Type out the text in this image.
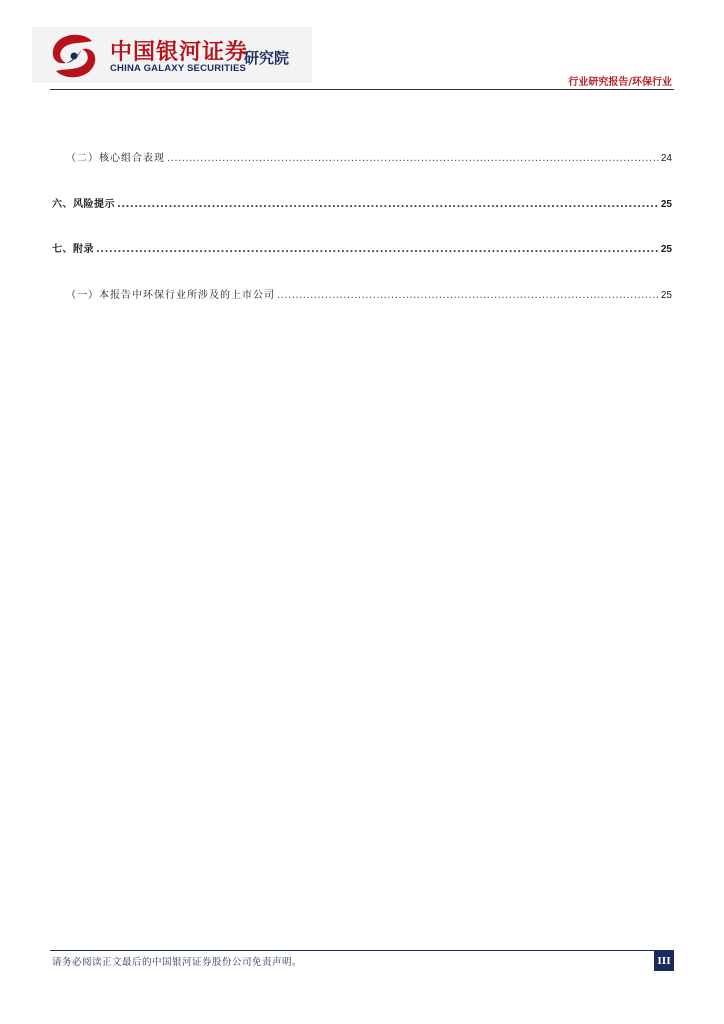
中国银河证券
CHINA GALAXY SECURITIES
研究院
行业研究报告/环保行业
（二）核心组合表现 .....	24
六、风险提示 .....	25
七、附录 .....	25
（一）本报告中环保行业所涉及的上市公司 .....	25
请务必阅读正文最后的中国银河证券股份公司免责声明。	III
